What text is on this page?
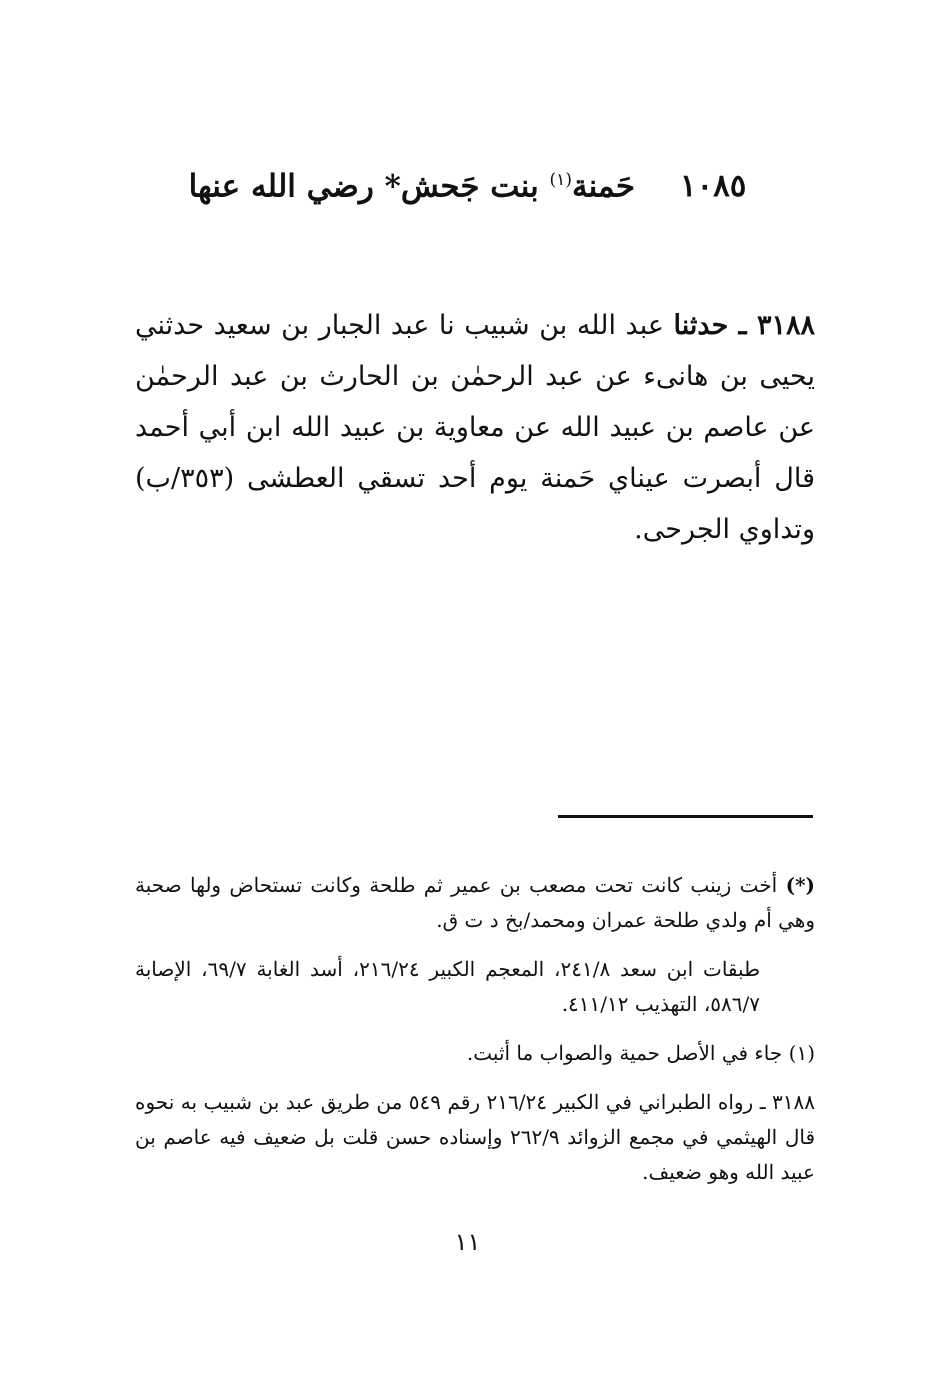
١٠٨٥ حَمنة$^{(١)}$ بنت جَحش* رضي الله عنها
٣١٨٨ ـ حدثنا عبد الله بن شبيب نا عبد الجبار بن سعيد حدثني يحيى بن هانىء عن عبد الرحمٰن بن الحارث بن عبد الرحمٰن عن عاصم بن عبيد الله عن معاوية بن عبيد الله ابن أبي أحمد قال أبصرت عيناي حَمنة يوم أحد تسقي العطشى (٣٥٣/ب) وتداوي الجرحى.

(*) أخت زينب كانت تحت مصعب بن عمير ثم طلحة وكانت تستحاض ولها صحبة وهي أم ولدي طلحة عمران ومحمد/بخ د ت ق.

طبقات ابن سعد ٢٤١/٨، المعجم الكبير ٢١٦/٢٤، أسد الغابة ٦٩/٧، الإصابة ٥٨٦/٧، التهذيب ٤١١/١٢.

(١) جاء في الأصل حمية والصواب ما أثبت.

٣١٨٨ ـ رواه الطبراني في الكبير ٢١٦/٢٤ رقم ٥٤٩ من طريق عبد بن شبيب به نحوه قال الهيثمي في مجمع الزوائد ٢٦٢/٩ وإسناده حسن قلت بل ضعيف فيه عاصم بن عبيد الله وهو ضعيف.

١١
